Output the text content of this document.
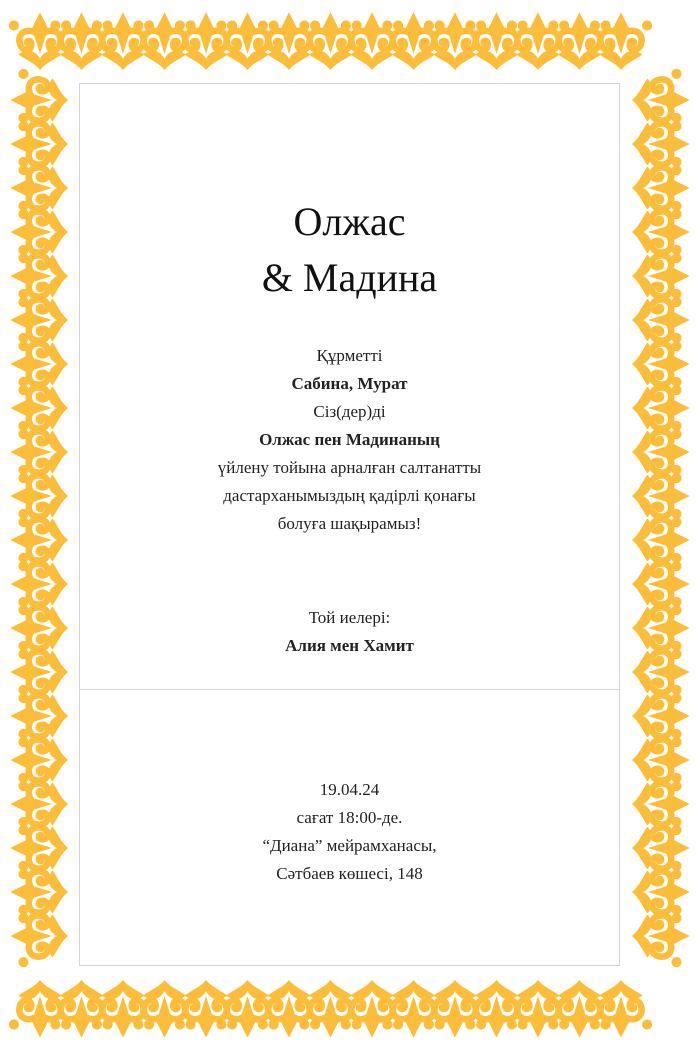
Олжас
& Мадина
Құрметті
Сабина, Мурат
Сіз(дер)ді
Олжас пен Мадинаның
үйлену тойына арналған салтанатты
дастарханымыздың қадірлі қонағы
болуға шақырамыз!
Той иелері:
Алия мен Хамит
19.04.24
сағат 18:00-де.
“Диана” мейрамханасы,
Сәтбаев көшесі, 148
